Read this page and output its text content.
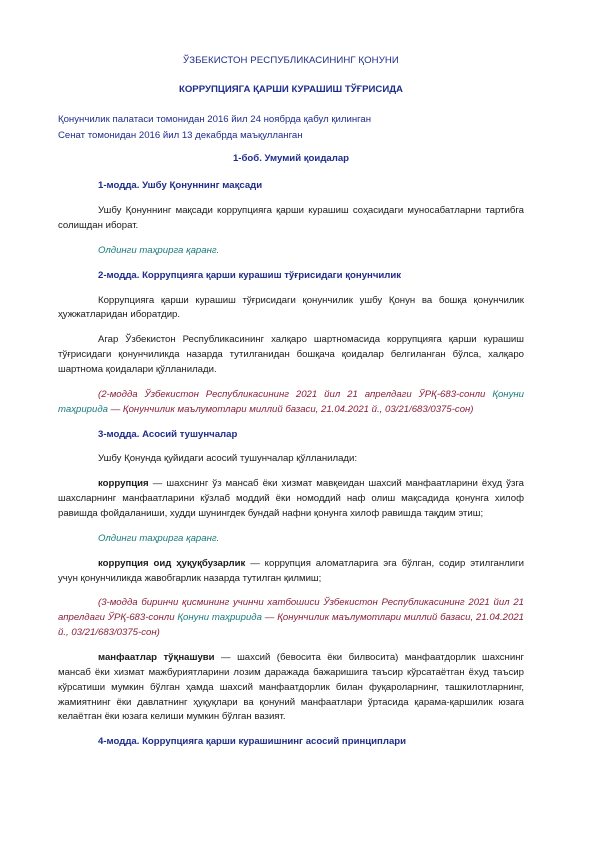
ЎЗБЕКИСТОН РЕСПУБЛИКАСИНИНГ ҚОНУНИ

КОРРУПЦИЯГА ҚАРШИ КУРАШИШ ТЎҒРИСИДА

Қонунчилик палатаси томонидан 2016 йил 24 ноябрда қабул қилинган

Сенат томонидан 2016 йил 13 декабрда маъқулланган

1-боб. Умумий қоидалар

1-модда. Ушбу Қонуннинг мақсади

Ушбу Қонуннинг мақсади коррупцияга қарши курашиш соҳасидаги муносабатларни тартибга солишдан иборат.

Олдинги таҳрирга қаранг.

2-модда. Коррупцияга қарши курашиш тўғрисидаги қонунчилик

Коррупцияга қарши курашиш тўғрисидаги қонунчилик ушбу Қонун ва бошқа қонунчилик ҳужжатларидан иборатдир.

Агар Ўзбекистон Республикасининг халқаро шартномасида коррупцияга қарши курашиш тўғрисидаги қонунчиликда назарда тутилганидан бошқача қоидалар белгиланган бўлса, халқаро шартнома қоидалари қўлланилади.

(2-модда Ўзбекистон Республикасининг 2021 йил 21 апрелдаги ЎРҚ-683-сонли Қонуни таҳририда — Қонунчилик маълумотлари миллий базаси, 21.04.2021 й., 03/21/683/0375-сон)

3-модда. Асосий тушунчалар

Ушбу Қонунда қуйидаги асосий тушунчалар қўлланилади:

коррупция — шахснинг ўз мансаб ёки хизмат мавқеидан шахсий манфаатларини ёхуд ўзга шахсларнинг манфаатларини кўзлаб моддий ёки номоддий наф олиш мақсадида қонунга хилоф равишда фойдаланиши, худди шунингдек бундай нафни қонунга хилоф равишда тақдим этиш;

Олдинги таҳрирга қаранг.

коррупция оид ҳуқуқбузарлик — коррупция аломатларига эга бўлган, содир этилганлиги учун қонунчиликда жавобгарлик назарда тутилган қилмиш;

(3-модда биринчи қисмининг учинчи хатбошиси Ўзбекистон Республикасининг 2021 йил 21 апрелдаги ЎРҚ-683-сонли Қонуни таҳририда — Қонунчилик маълумотлари миллий базаси, 21.04.2021 й., 03/21/683/0375-сон)

манфаатлар тўқнашуви — шахсий (бевосита ёки билвосита) манфаатдорлик шахснинг мансаб ёки хизмат мажбуриятларини лозим даражада бажаришига таъсир кўрсатаётган ёхуд таъсир кўрсатиши мумкин бўлган ҳамда шахсий манфаатдорлик билан фуқароларнинг, ташкилотларнинг, жамиятнинг ёки давлатнинг ҳуқуқлари ва қонуний манфаатлари ўртасида қарама-қаршилик юзага келаётган ёки юзага келиши мумкин бўлган вазият.

4-модда. Коррупцияга қарши курашишнинг асосий принциплари
